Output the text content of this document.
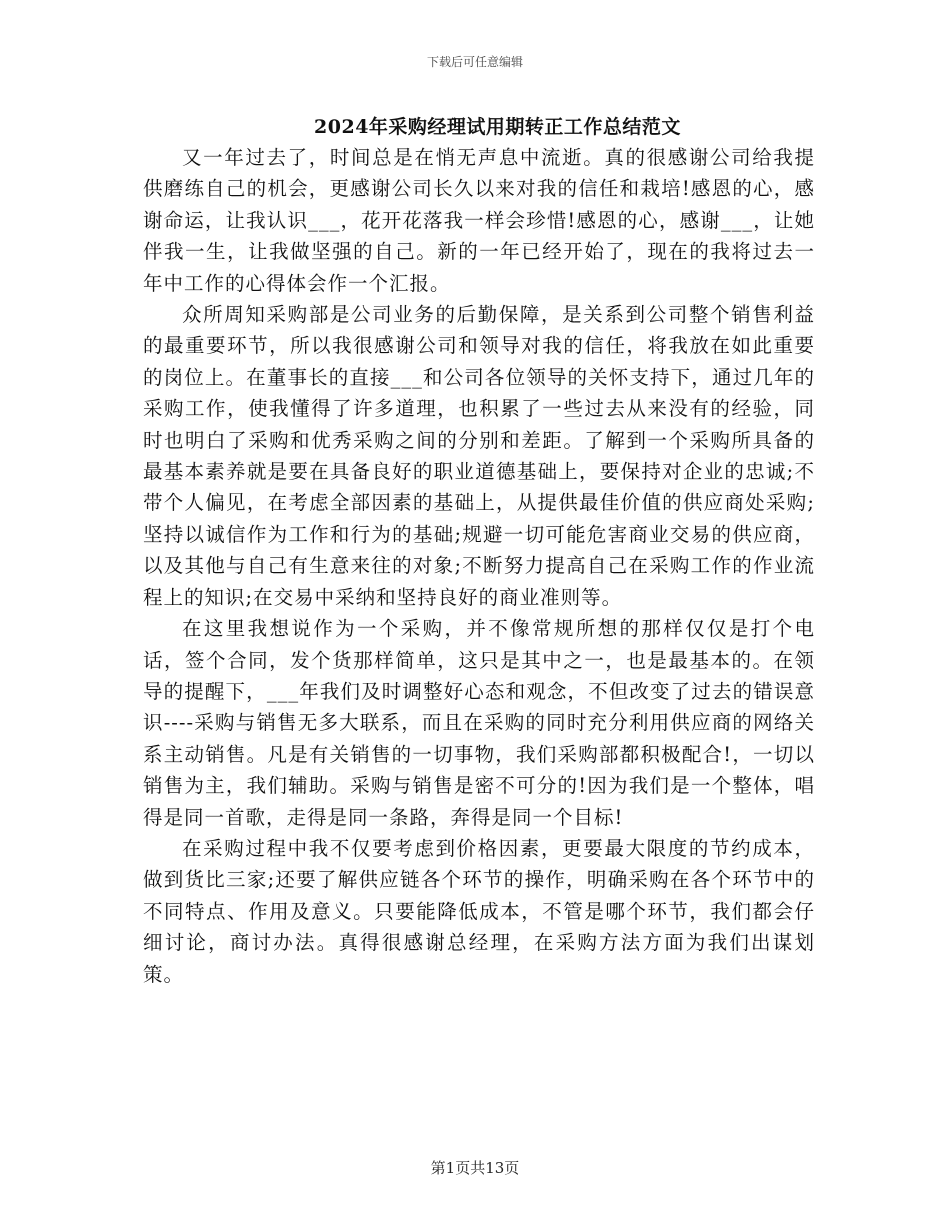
下载后可任意编辑
2024年采购经理试用期转正工作总结范文

又一年过去了，时间总是在悄无声息中流逝。真的很感谢公司给我提供磨练自己的机会，更感谢公司长久以来对我的信任和栽培!感恩的心，感谢命运，让我认识___，花开花落我一样会珍惜!感恩的心，感谢___，让她伴我一生，让我做坚强的自己。新的一年已经开始了，现在的我将过去一年中工作的心得体会作一个汇报。

众所周知采购部是公司业务的后勤保障，是关系到公司整个销售利益的最重要环节，所以我很感谢公司和领导对我的信任，将我放在如此重要的岗位上。在董事长的直接___和公司各位领导的关怀支持下，通过几年的采购工作，使我懂得了许多道理，也积累了一些过去从来没有的经验，同时也明白了采购和优秀采购之间的分别和差距。了解到一个采购所具备的最基本素养就是要在具备良好的职业道德基础上，要保持对企业的忠诚;不带个人偏见，在考虑全部因素的基础上，从提供最佳价值的供应商处采购;坚持以诚信作为工作和行为的基础;规避一切可能危害商业交易的供应商，以及其他与自己有生意来往的对象;不断努力提高自己在采购工作的作业流程上的知识;在交易中采纳和坚持良好的商业准则等。

在这里我想说作为一个采购，并不像常规所想的那样仅仅是打个电话，签个合同，发个货那样简单，这只是其中之一，也是最基本的。在领导的提醒下，___年我们及时调整好心态和观念，不但改变了过去的错误意识----采购与销售无多大联系，而且在采购的同时充分利用供应商的网络关系主动销售。凡是有关销售的一切事物，我们采购部都积极配合!，一切以销售为主，我们辅助。采购与销售是密不可分的!因为我们是一个整体，唱得是同一首歌，走得是同一条路，奔得是同一个目标!

在采购过程中我不仅要考虑到价格因素，更要最大限度的节约成本，做到货比三家;还要了解供应链各个环节的操作，明确采购在各个环节中的不同特点、作用及意义。只要能降低成本，不管是哪个环节，我们都会仔细讨论，商讨办法。真得很感谢总经理，在采购方法方面为我们出谋划策。

第1页共13页
